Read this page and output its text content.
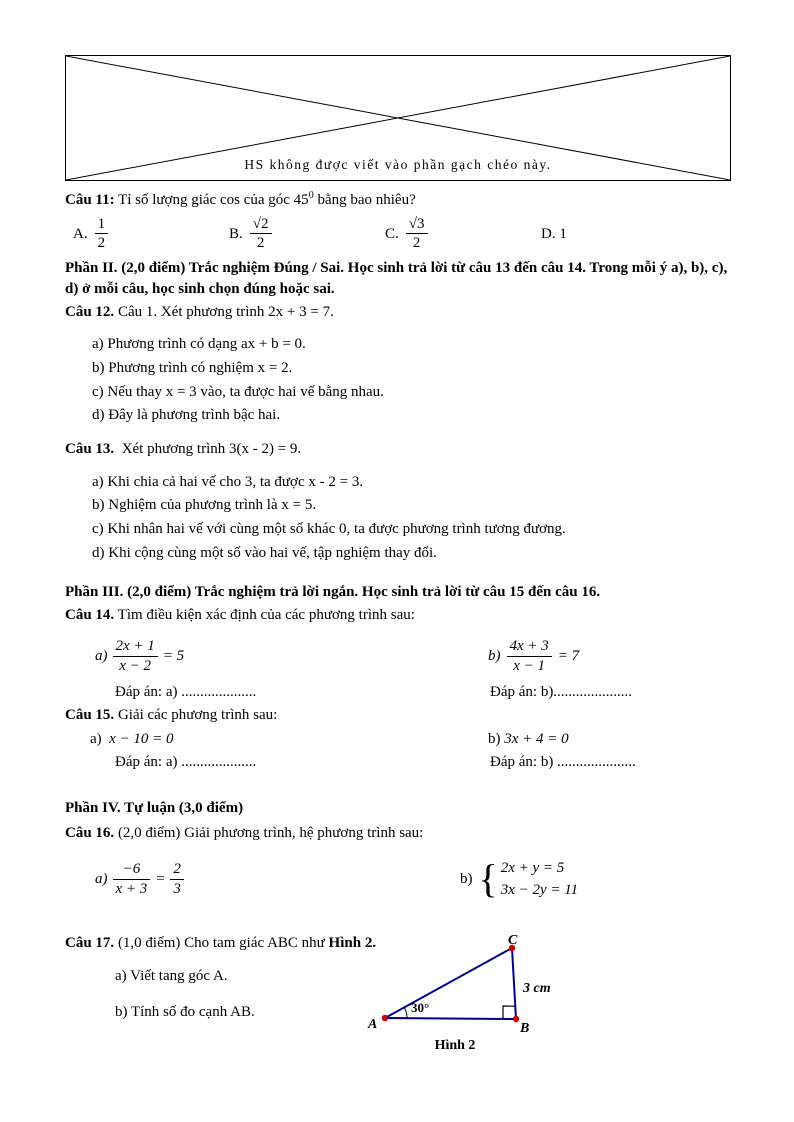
HS không được viết vào phần gạch chéo này.

Câu 11: Tỉ số lượng giác cos của góc $45^0$ bằng bao nhiêu?

A. $\frac{1}{2}$	B. $\frac{√2}{2}$	C. $\frac{√3}{2}$	D. 1

Phần II. (2,0 điểm) Trắc nghiệm Đúng / Sai. Học sinh trả lời từ câu 13 đến câu 14. Trong mỗi ý a), b), c), d) ở mỗi câu, học sinh chọn đúng hoặc sai.

Câu 12. Câu 1. Xét phương trình 2x + 3 = 7.

a) Phương trình có dạng ax + b = 0.
b) Phương trình có nghiệm x = 2.
c) Nếu thay x = 3 vào, ta được hai vế bằng nhau.
d) Đây là phương trình bậc hai.

Câu 13. Xét phương trình 3(x - 2) = 9.

a) Khi chia cả hai vế cho 3, ta được x - 2 = 3.
b) Nghiệm của phương trình là x = 5.
c) Khi nhân hai vế với cùng một số khác 0, ta được phương trình tương đương.
d) Khi cộng cùng một số vào hai vế, tập nghiệm thay đổi.

Phần III. (2,0 điểm) Trắc nghiệm trả lời ngắn. Học sinh trả lời từ câu 15 đến câu 16.

Câu 14. Tìm điều kiện xác định của các phương trình sau:

$a) \frac{2x + 1}{x - 2} = 5$	$b) \frac{4x + 3}{x - 1} = 7$
Đáp án: a) ....................	Đáp án: b).....................

Câu 15. Giải các phương trình sau:

a) x − 10 = 0	b) 3x + 4 = 0
Đáp án: a) ....................	Đáp án: b) .....................

Phần IV. Tự luận (3,0 điểm)

Câu 16. (2,0 điểm) Giải phương trình, hệ phương trình sau:

$a) \frac{-6}{x + 3} = \frac{2}{3}$	b) { 2x + y = 5
3x − 2y = 11

Câu 17. (1,0 điểm) Cho tam giác ABC như Hình 2.

a) Viết tang góc A.
b) Tính số đo cạnh AB.
A	B
C
30°
3 cm
Hình 2
